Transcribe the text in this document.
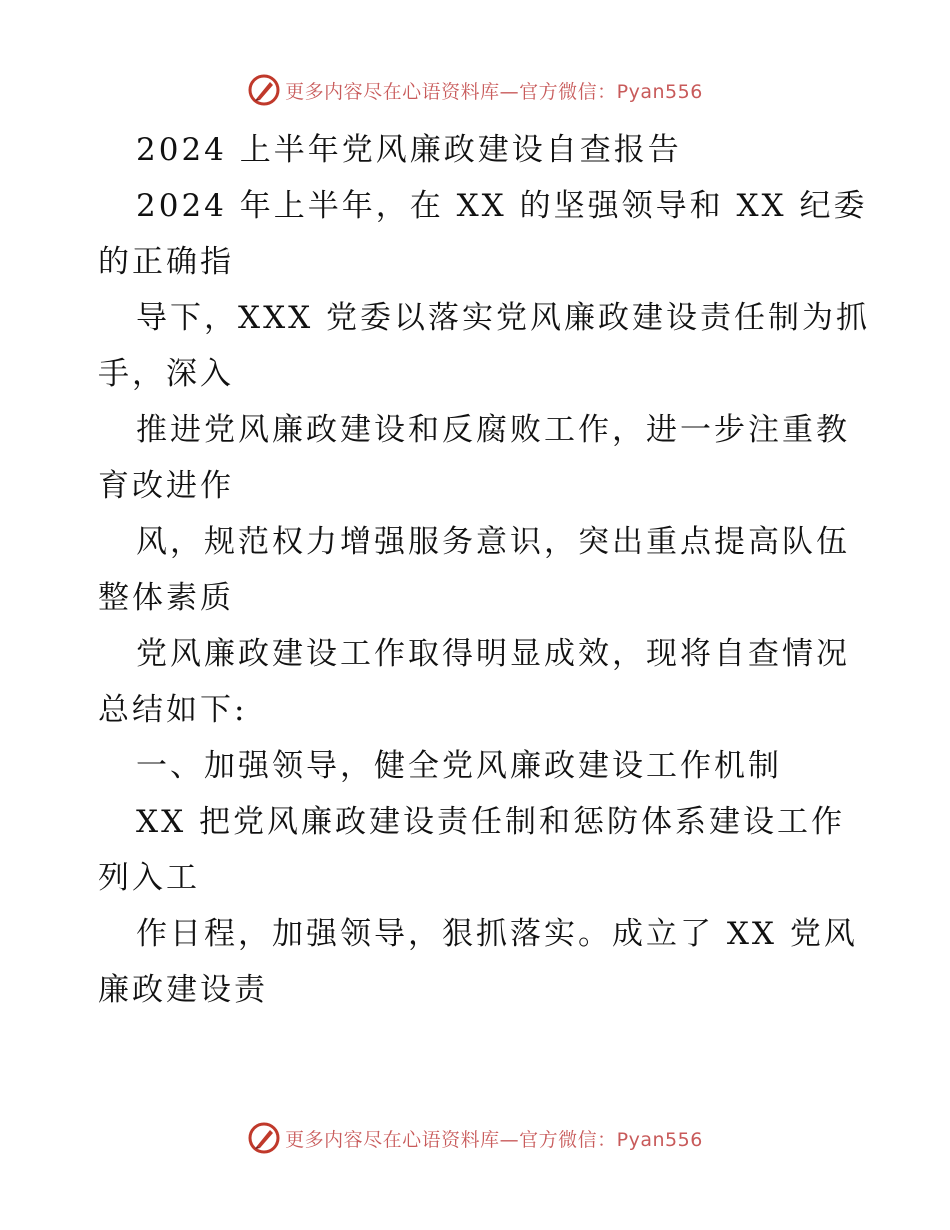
更多内容尽在心语资料库—官方微信：Pyan556
2024 上半年党风廉政建设自查报告
2024 年上半年，在 XX 的坚强领导和 XX 纪委
的正确指
导下，XXX 党委以落实党风廉政建设责任制为抓
手，深入
推进党风廉政建设和反腐败工作，进一步注重教
育改进作
风，规范权力增强服务意识，突出重点提高队伍
整体素质
党风廉政建设工作取得明显成效，现将自查情况
总结如下:
一、加强领导，健全党风廉政建设工作机制
XX 把党风廉政建设责任制和惩防体系建设工作
列入工
作日程，加强领导，狠抓落实。成立了 XX 党风
廉政建设责
更多内容尽在心语资料库—官方微信：Pyan556
